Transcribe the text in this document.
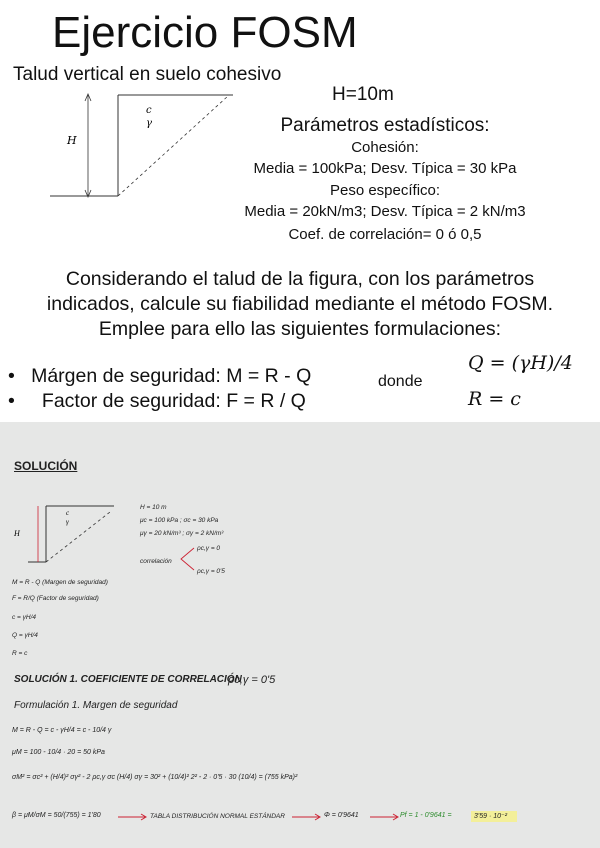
Ejercicio FOSM
Talud vertical en suelo cohesivo
H
c
γ
H=10m
Parámetros estadísticos:
Cohesión:
Media = 100kPa; Desv. Típica = 30 kPa
Peso específico:
Media = 20kN/m3; Desv. Típica = 2 kN/m3
Coef. de correlación= 0 ó 0,5
Considerando el talud de la figura, con los parámetros
indicados, calcule su fiabilidad mediante el método FOSM.
Emplee para ello las siguientes formulaciones:
•   Márgen de seguridad: M = R - Q
•     Factor de seguridad: F = R / Q
donde
Q = (γH)/4
R = c
SOLUCIÓN
H
c
γ
H = 10 m
μc = 100 kPa ; σc = 30 kPa
μγ = 20 kN/m³ ; σγ = 2 kN/m³
correlación
ρc,γ = 0
ρc,γ = 0'5
M = R - Q (Margen de seguridad)
F = R/Q (Factor de seguridad)
c = γH/4
Q = γH/4
R = c
SOLUCIÓN 1. COEFICIENTE DE CORRELACIÓN
ρc,γ = 0'5
Formulación 1. Margen de seguridad
M = R - Q = c - γH/4 = c - 10/4 γ
μM = 100 - 10/4 · 20 = 50 kPa
σM² = σc² + (H/4)² σγ² - 2 ρc,γ σc (H/4) σγ = 30² + (10/4)² 2² - 2 · 0'5 · 30 (10/4) = (755 kPa)²
β = μM/σM = 50/(755) = 1'80	TABLA DISTRIBUCIÓN NORMAL ESTÁNDAR	Φ = 0'9641	Pf = 1 - 0'9641 =	3'59 · 10⁻²
